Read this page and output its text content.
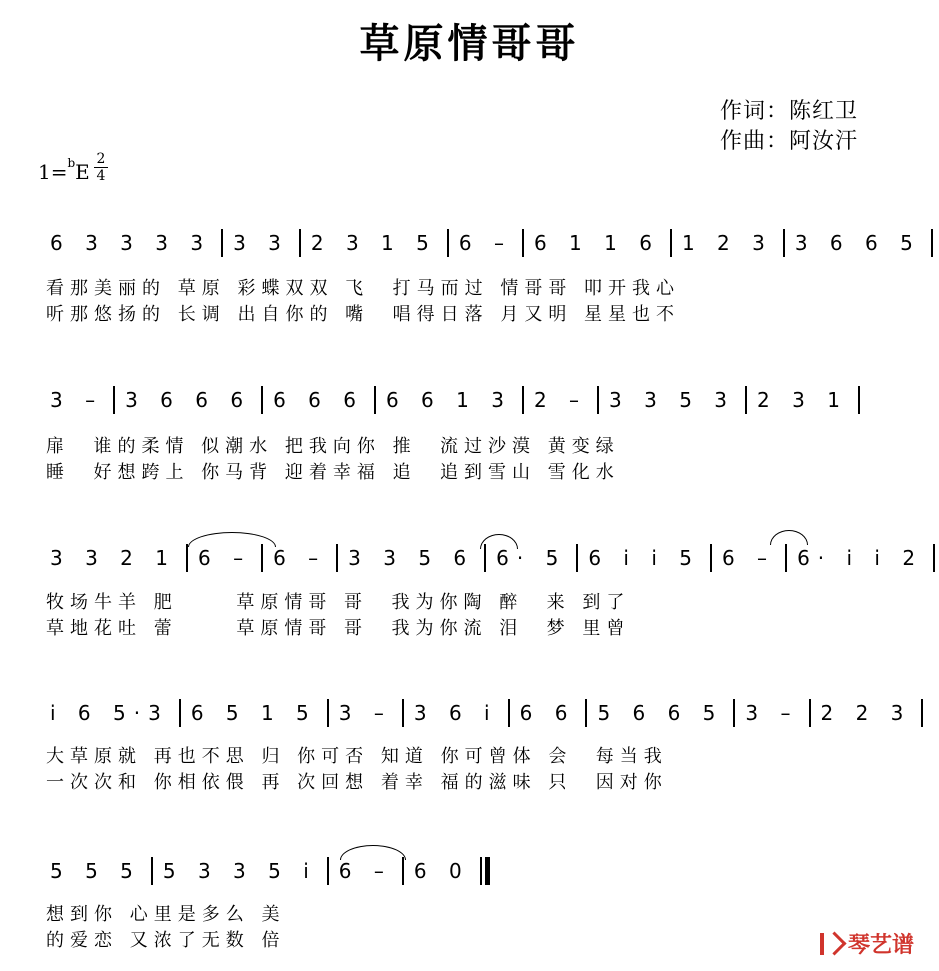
草原情哥哥
作词：陈红卫
作曲：阿汝汗
1=$^b$E
2
4
6 3 3 3 3	3 3	2 3 1 5	6 –	6 1 1 6	1 2 3	3 6 6 5
看那美丽的 草原 彩蝶双双 飞  打马而过 情哥哥 叩开我心
听那悠扬的 长调 出自你的 嘴  唱得日落 月又明 星星也不
3 –	3 6 6 6	6 6 6	6 6 1 3	2 –	3 3 5 3	2 3 1
扉  谁的柔情 似潮水 把我向你 推  流过沙漠 黄变绿
睡  好想跨上 你马背 迎着幸福 追  追到雪山 雪化水
3 3 2 1	6 –	6 –	3 3 5 6	6· 5	6 i i 5	6 –	6· i i 2
牧场牛羊 肥     草原情哥 哥  我为你陶 醉  来 到了
草地花吐 蕾     草原情哥 哥  我为你流 泪  梦 里曾
i 6 5·3	6 5 1 5	3 –	3 6 i	6 6	5 6 6 5	3 –	2 2 3
大草原就 再也不思 归 你可否 知道 你可曾体 会  每当我
一次次和 你相依偎 再 次回想 着幸 福的滋味 只  因对你
5 5 5	5 3 3 5 i	6 –	6 0
想到你 心里是多么 美
的爱恋 又浓了无数 倍	琴艺谱
